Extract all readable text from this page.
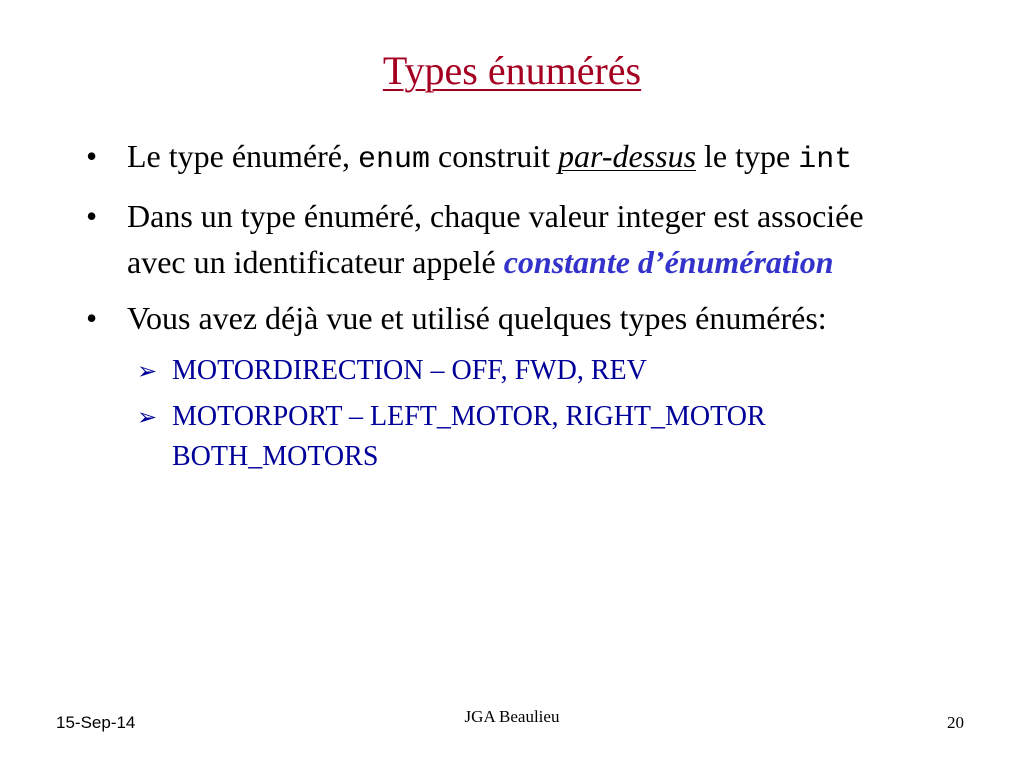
Types énumérés
• Le type énuméré, enum construit par-dessus le type int
• Dans un type énuméré, chaque valeur integer est associée avec un identificateur appelé constante d’énumération
• Vous avez déjà vue et utilisé quelques types énumérés:
➢ MOTORDIRECTION – OFF, FWD, REV
➢ MOTORPORT – LEFT_MOTOR, RIGHT_MOTOR BOTH_MOTORS
15-Sep-14	JGA Beaulieu	20
